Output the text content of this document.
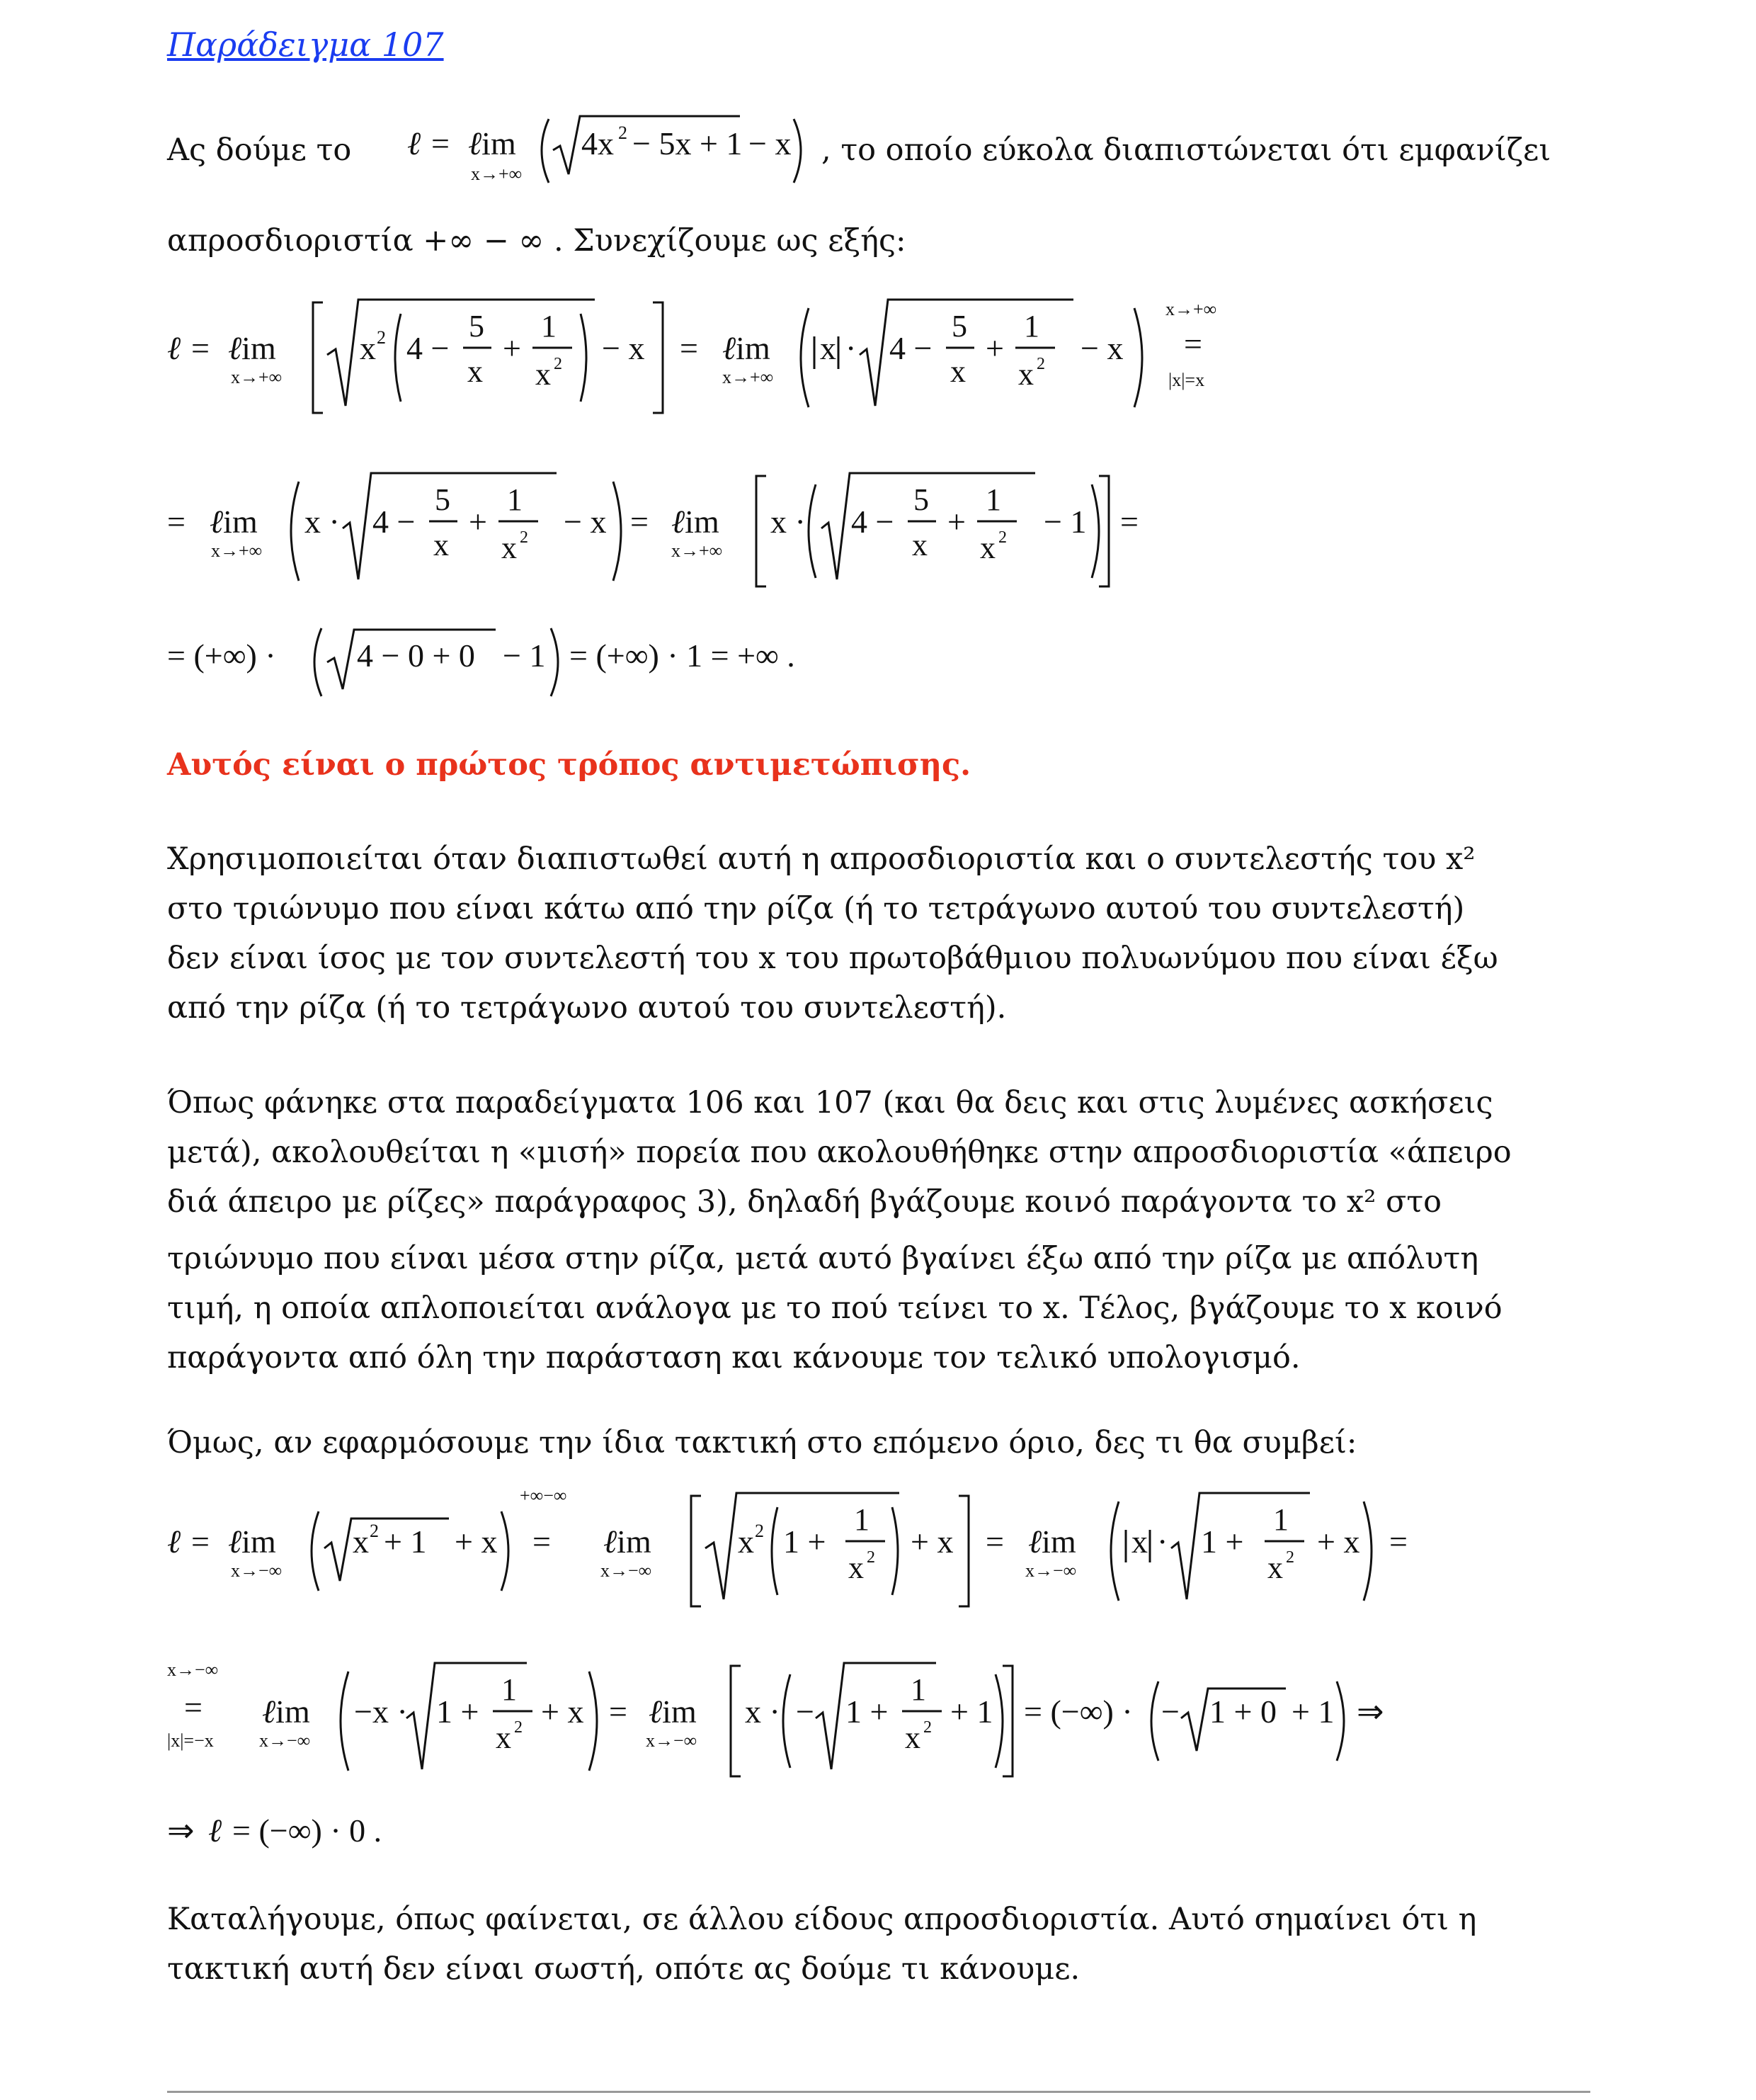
Παράδειγμα 107
Ας δούμε το ℓ = ℓim
x→+∞
4x 2 − 5x + 1 − x , το οποίο εύκολα διαπιστώνεται ότι εμφανίζει
απροσδιοριστία +∞ − ∞ . Συνεχίζουμε ως εξής:
ℓ = ℓim
x→+∞
x 2 4 −
5
x
+
1
x 2 − x = ℓim
x→+∞
x · 4 −
5
x
+
1
x 2 − x
x→+∞
=
|x|=x
= ℓim
x→+∞
x · 4 −
5
x
+
1
x 2 − x = ℓim
x→+∞
x · 4 −
5
x
+
1
x 2 − 1 =
= (+∞) · 4 − 0 + 0 − 1 = (+∞) · 1 = +∞ .
Αυτός είναι ο πρώτος τρόπος αντιμετώπισης.
Χρησιμοποιείται όταν διαπιστωθεί αυτή η απροσδιοριστία και ο συντελεστής του x²
στο τριώνυμο που είναι κάτω από την ρίζα (ή το τετράγωνο αυτού του συντελεστή)
δεν είναι ίσος με τον συντελεστή του x του πρωτοβάθμιου πολυωνύμου που είναι έξω
από την ρίζα (ή το τετράγωνο αυτού του συντελεστή).
Όπως φάνηκε στα παραδείγματα 106 και 107 (και θα δεις και στις λυμένες ασκήσεις
μετά), ακολουθείται η «μισή» πορεία που ακολουθήθηκε στην απροσδιοριστία «άπειρο
διά άπειρο με ρίζες» παράγραφος 3), δηλαδή βγάζουμε κοινό παράγοντα το x² στο
τριώνυμο που είναι μέσα στην ρίζα, μετά αυτό βγαίνει έξω από την ρίζα με απόλυτη
τιμή, η οποία απλοποιείται ανάλογα με το πού τείνει το x. Τέλος, βγάζουμε το x κοινό
παράγοντα από όλη την παράσταση και κάνουμε τον τελικό υπολογισμό.
Όμως, αν εφαρμόσουμε την ίδια τακτική στο επόμενο όριο, δες τι θα συμβεί:
ℓ = ℓim
x→−∞
x 2 + 1 + x
+∞−∞
= ℓim
x→−∞
x 2 1 +
1
x 2 + x = ℓim
x→−∞
x · 1 +
1
x 2 + x =
x→−∞
=
|x|=−x
ℓim
x→−∞
−x · 1 +
1
x 2 + x = ℓim
x→−∞
x · − 1 +
1
x 2 + 1 = (−∞) · − 1 + 0 + 1 ⇒
⇒ ℓ = (−∞) · 0 .
Καταλήγουμε, όπως φαίνεται, σε άλλου είδους απροσδιοριστία. Αυτό σημαίνει ότι η
τακτική αυτή δεν είναι σωστή, οπότε ας δούμε τι κάνουμε.
